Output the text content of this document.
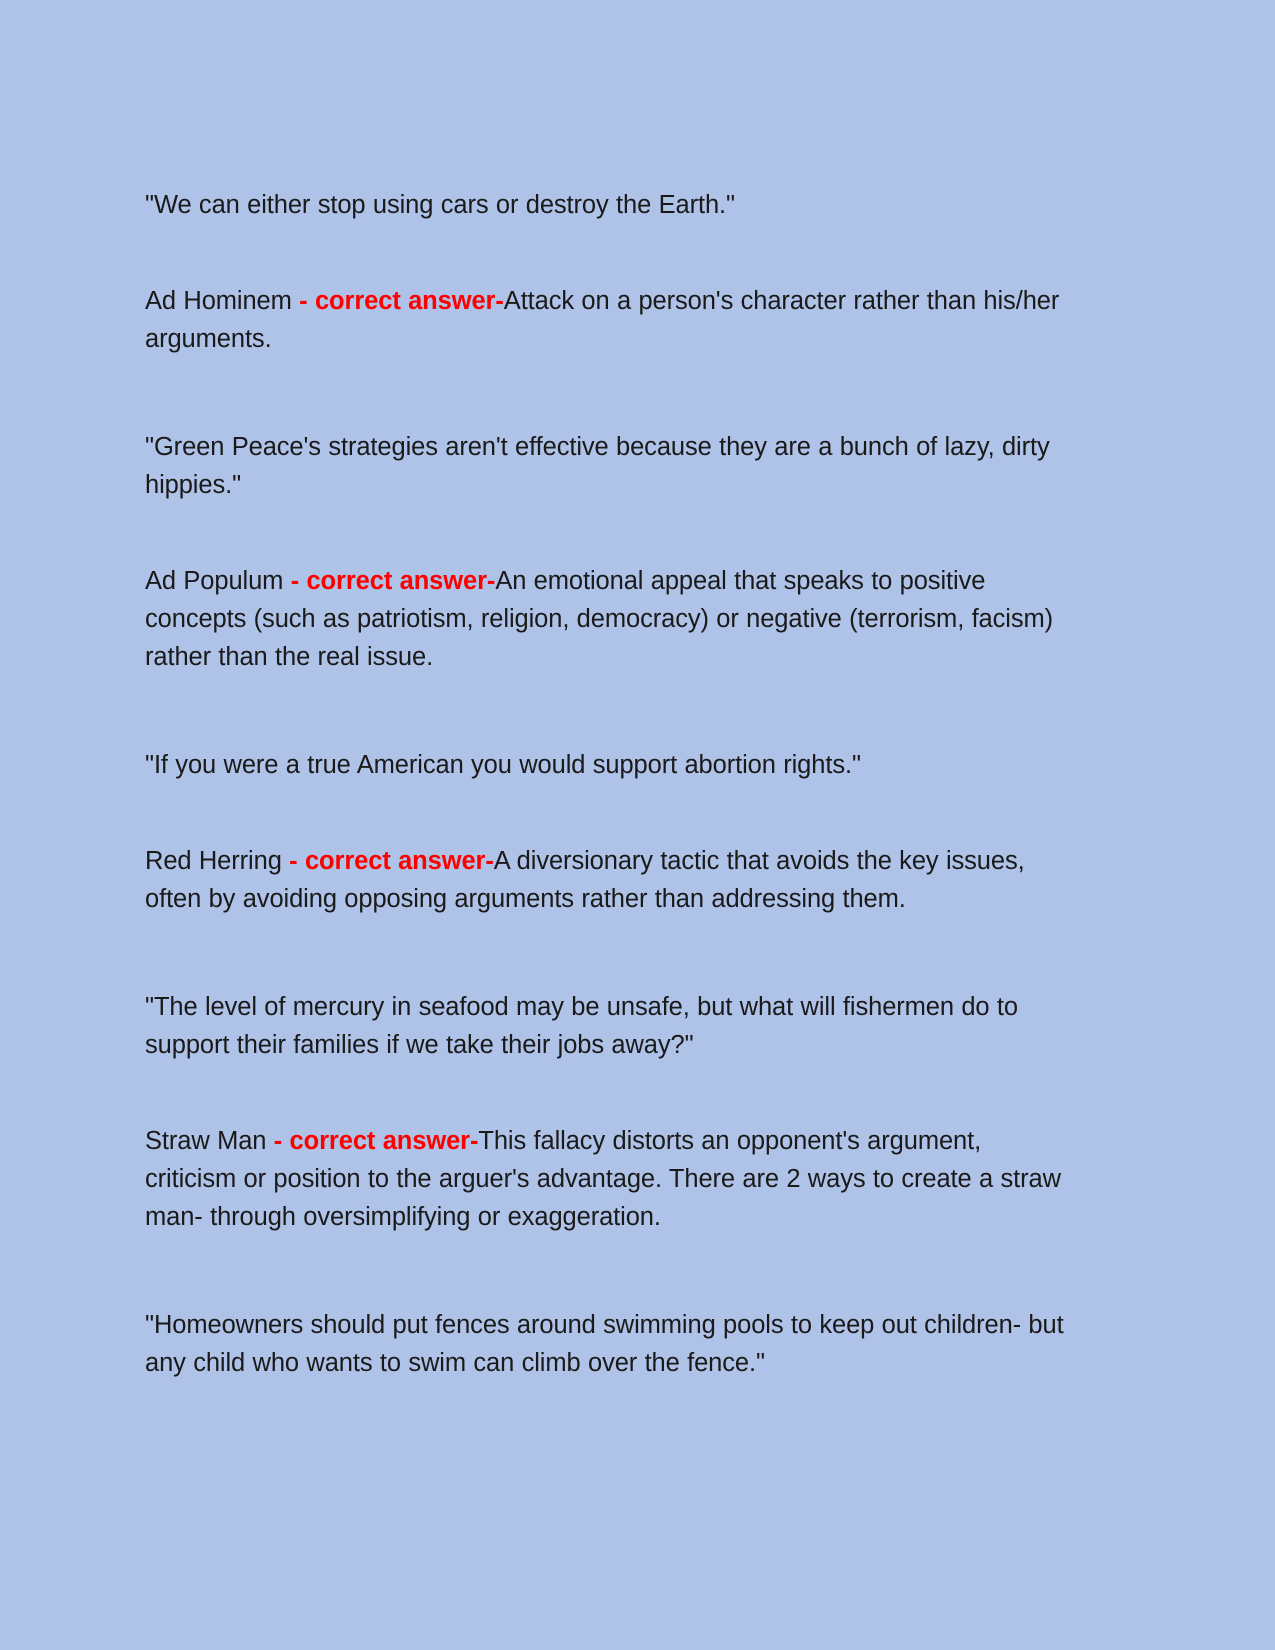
"We can either stop using cars or destroy the Earth."

Ad Hominem - correct answer-Attack on a person's character rather than his/her arguments.

"Green Peace's strategies aren't effective because they are a bunch of lazy, dirty hippies."

Ad Populum - correct answer-An emotional appeal that speaks to positive concepts (such as patriotism, religion, democracy) or negative (terrorism, facism) rather than the real issue.

"If you were a true American you would support abortion rights."

Red Herring - correct answer-A diversionary tactic that avoids the key issues, often by avoiding opposing arguments rather than addressing them.

"The level of mercury in seafood may be unsafe, but what will fishermen do to support their families if we take their jobs away?"

Straw Man - correct answer-This fallacy distorts an opponent's argument, criticism or position to the arguer's advantage. There are 2 ways to create a straw man- through oversimplifying or exaggeration.

"Homeowners should put fences around swimming pools to keep out children- but any child who wants to swim can climb over the fence."
